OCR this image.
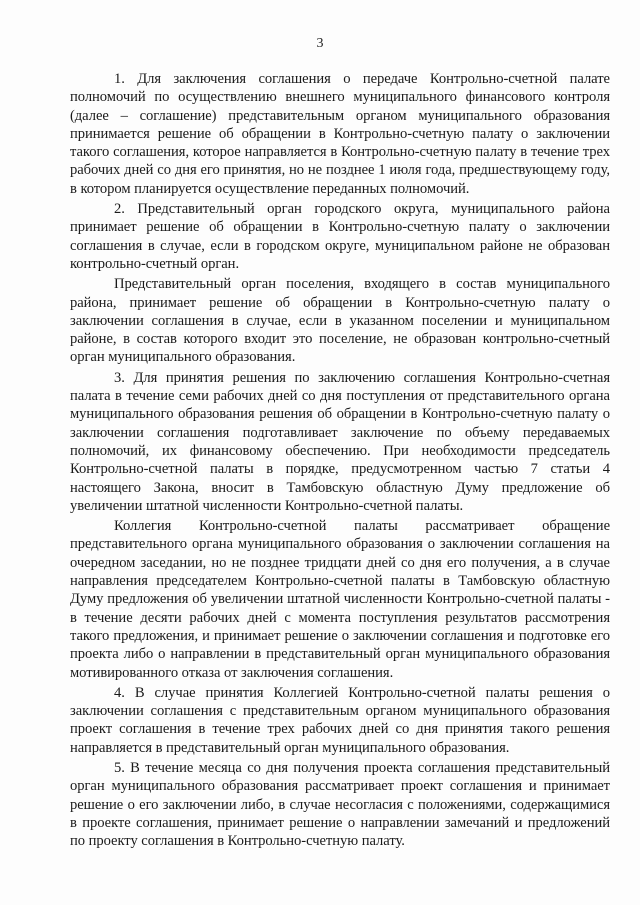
3

1. Для заключения соглашения о передаче Контрольно-счетной палате полномочий по осуществлению внешнего муниципального финансового контроля (далее – соглашение) представительным органом муниципального образования принимается решение об обращении в Контрольно-счетную палату о заключении такого соглашения, которое направляется в Контрольно-счетную палату в течение трех рабочих дней со дня его принятия, но не позднее 1 июля года, предшествующему году, в котором планируется осуществление переданных полномочий.

2. Представительный орган городского округа, муниципального района принимает решение об обращении в Контрольно-счетную палату о заключении соглашения в случае, если в городском округе, муниципальном районе не образован контрольно-счетный орган.

Представительный орган поселения, входящего в состав муниципального района, принимает решение об обращении в Контрольно-счетную палату о заключении соглашения в случае, если в указанном поселении и муниципальном районе, в состав которого входит это поселение, не образован контрольно-счетный орган муниципального образования.

3. Для принятия решения по заключению соглашения Контрольно-счетная палата в течение семи рабочих дней со дня поступления от представительного органа муниципального образования решения об обращении в Контрольно-счетную палату о заключении соглашения подготавливает заключение по объему передаваемых полномочий, их финансовому обеспечению. При необходимости председатель Контрольно-счетной палаты в порядке, предусмотренном частью 7 статьи 4 настоящего Закона, вносит в Тамбовскую областную Думу предложение об увеличении штатной численности Контрольно-счетной палаты.

Коллегия Контрольно-счетной палаты рассматривает обращение представительного органа муниципального образования о заключении соглашения на очередном заседании, но не позднее тридцати дней со дня его получения, а в случае направления председателем Контрольно-счетной палаты в Тамбовскую областную Думу предложения об увеличении штатной численности Контрольно-счетной палаты - в течение десяти рабочих дней с момента поступления результатов рассмотрения такого предложения, и принимает решение о заключении соглашения и подготовке его проекта либо о направлении в представительный орган муниципального образования мотивированного отказа от заключения соглашения.

4. В случае принятия Коллегией Контрольно-счетной палаты решения о заключении соглашения с представительным органом муниципального образования проект соглашения в течение трех рабочих дней со дня принятия такого решения направляется в представительный орган муниципального образования.

5. В течение месяца со дня получения проекта соглашения представительный орган муниципального образования рассматривает проект соглашения и принимает решение о его заключении либо, в случае несогласия с положениями, содержащимися в проекте соглашения, принимает решение о направлении замечаний и предложений по проекту соглашения в Контрольно-счетную палату.
